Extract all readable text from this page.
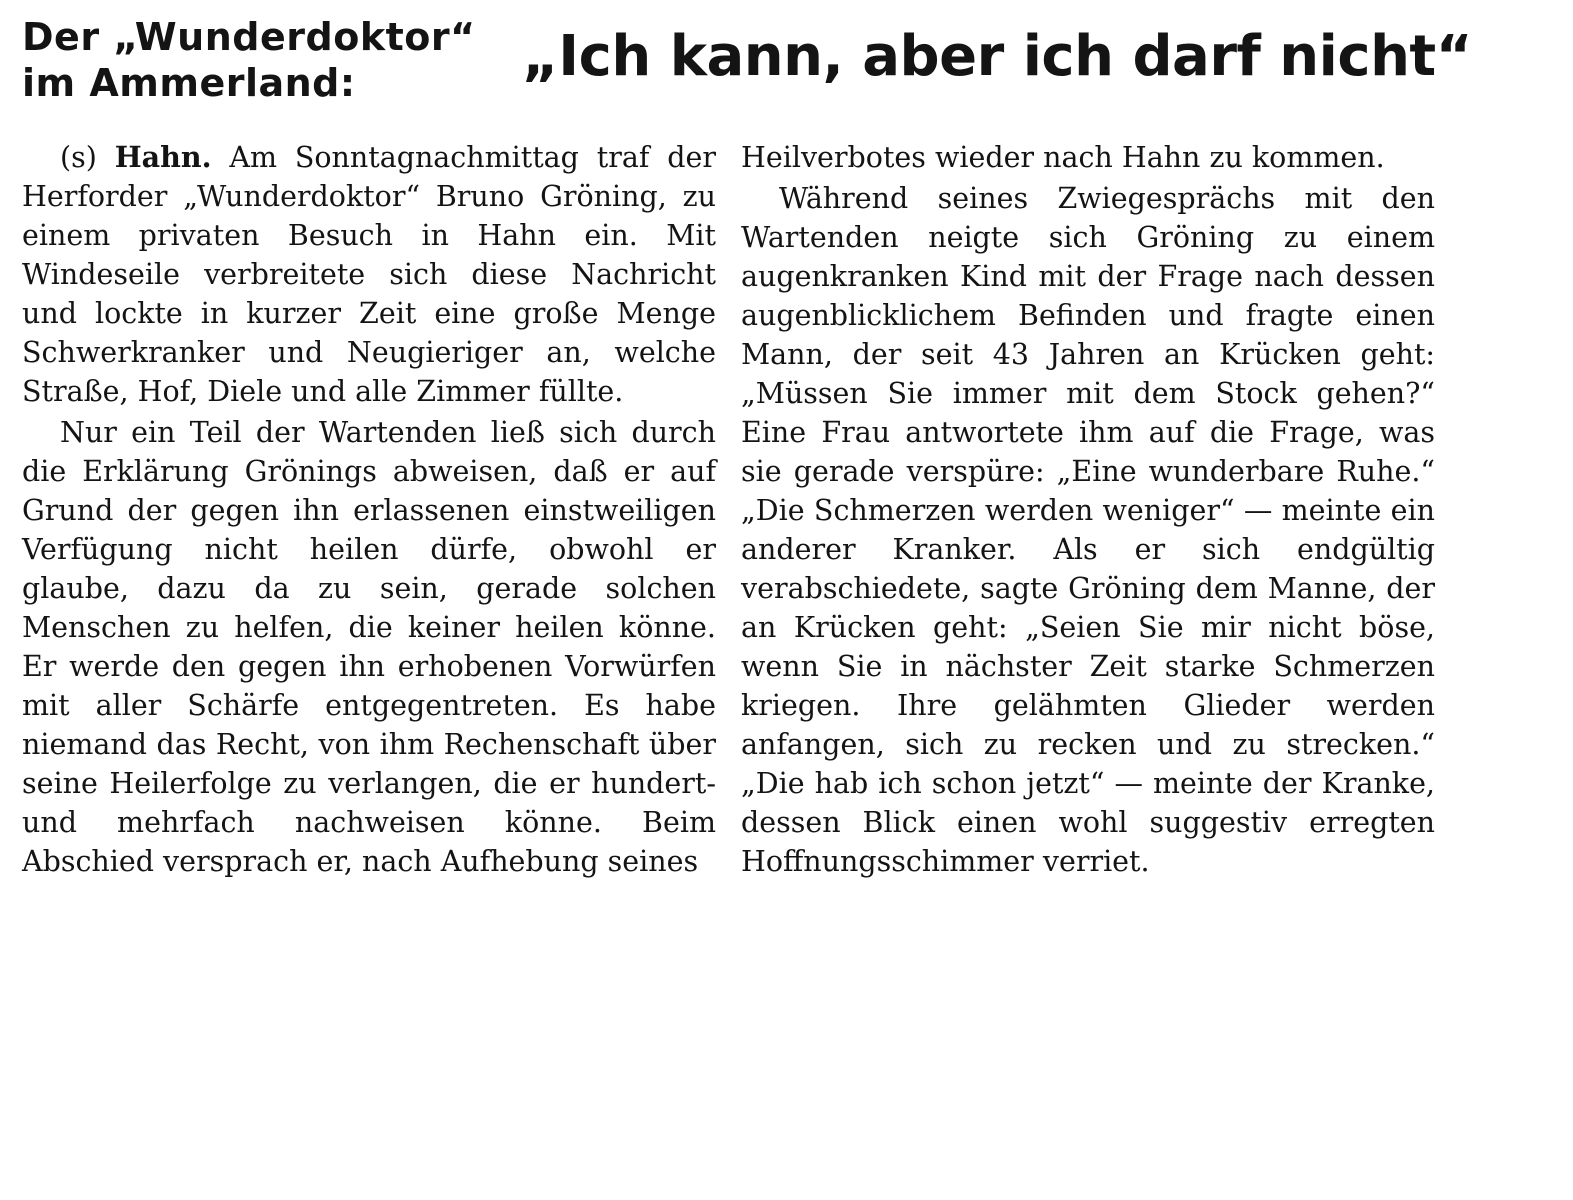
Der „Wunderdoktor“
im Ammerland:	„Ich kann, aber ich darf nicht“

(s) Hahn. Am Sonntagnachmittag traf der Herforder „Wunderdoktor“ Bruno Gröning, zu einem privaten Besuch in Hahn ein. Mit Windeseile verbreitete sich diese Nachricht und lockte in kurzer Zeit eine große Menge Schwerkranker und Neugieriger an, welche Straße, Hof, Diele und alle Zimmer füllte.

Nur ein Teil der Wartenden ließ sich durch die Erklärung Grönings abweisen, daß er auf Grund der gegen ihn erlassenen einstweiligen Verfügung nicht heilen dürfe, obwohl er glaube, dazu da zu sein, gerade solchen Menschen zu helfen, die keiner heilen könne. Er werde den gegen ihn erhobenen Vorwürfen mit aller Schärfe entgegentreten. Es habe niemand das Recht, von ihm Rechenschaft über seine Heilerfolge zu verlangen, die er hundert- und mehrfach nachweisen könne. Beim Abschied versprach er, nach Aufhebung seines

Heilverbotes wieder nach Hahn zu kommen.

Während seines Zwiegesprächs mit den Wartenden neigte sich Gröning zu einem augenkranken Kind mit der Frage nach dessen augenblicklichem Befinden und fragte einen Mann, der seit 43 Jahren an Krücken geht: „Müssen Sie immer mit dem Stock gehen?“ Eine Frau antwortete ihm auf die Frage, was sie gerade verspüre: „Eine wunderbare Ruhe.“ „Die Schmerzen werden weniger“ — meinte ein anderer Kranker. Als er sich endgültig verabschiedete, sagte Gröning dem Manne, der an Krücken geht: „Seien Sie mir nicht böse, wenn Sie in nächster Zeit starke Schmerzen kriegen. Ihre gelähmten Glieder werden anfangen, sich zu recken und zu strecken.“ „Die hab ich schon jetzt“ — meinte der Kranke, dessen Blick einen wohl suggestiv erregten Hoffnungsschimmer verriet.
